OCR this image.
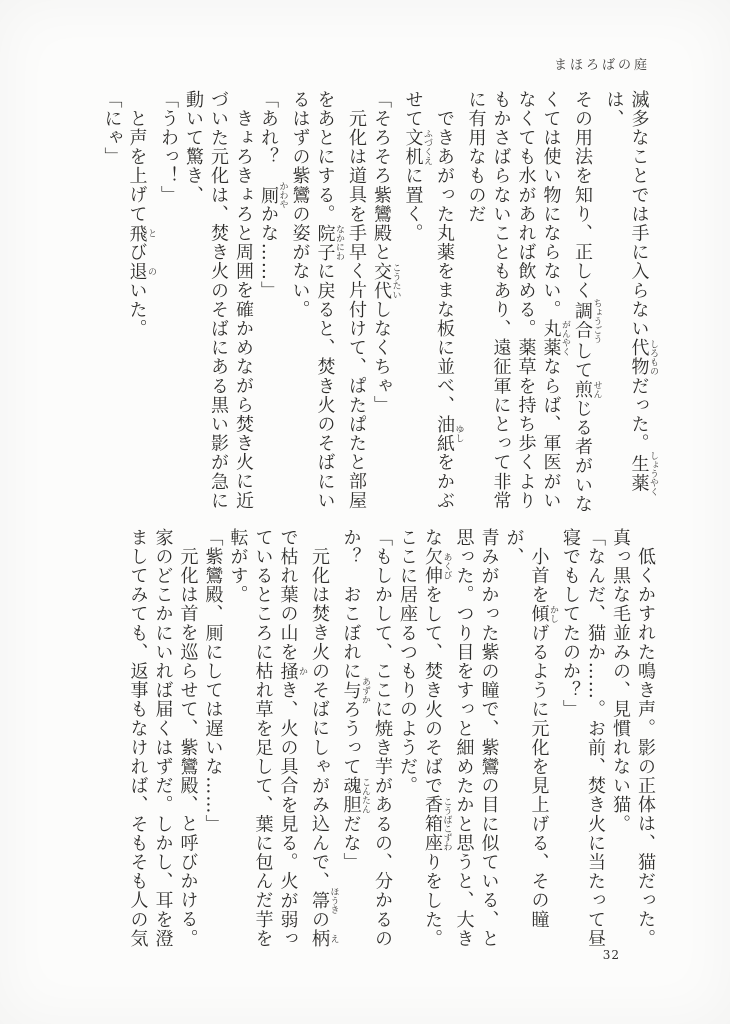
まほろばの庭

滅多なことでは手に入らない代物しろものだった。生薬しょうやくは、

その用法を知り、正しく調合ちょうごうして煎せんじる者がいな

くては使い物にならない。丸薬がんやくならば、軍医がい

なくても水があれば飲める。薬草を持ち歩くより

もかさばらないこともあり、遠征軍にとって非常

に有用なものだ

できあがった丸薬をまな板に並べ、油紙ゆしをかぶ

せて文机ふづくえに置く。

「そろそろ紫鸞殿と交代こうたいしなくちゃ」

元化は道具を手早く片付けて、ぱたぱたと部屋

をあとにする。院子なかにわに戻ると、焚き火のそばにい

るはずの紫鸞の姿がない。

「あれ？　厠かわやかな……」

きょろきょろと周囲を確かめながら焚き火に近

づいた元化は、焚き火のそばにある黒い影が急に

動いて驚き、

「うわっ！」

と声を上げて飛とび退のいた。

「にゃ」

低くかすれた鳴き声。影の正体は、猫だった。

真っ黒な毛並みの、見慣れない猫。

「なんだ、猫か……。お前、焚き火に当たって昼

寝でもしてたのか？」

小首を傾かしげるように元化を見上げる、その瞳が、

青みがかった紫の瞳で、紫鸞の目に似ている、と

思った。つり目をすっと細めたかと思うと、大き

な欠伸あくびをして、焚き火のそばで香箱座こうばこずわりをした。

ここに居座るつもりのようだ。

「もしかして、ここに焼き芋があるの、分かるの

か？　おこぼれに与あずかろうって魂胆こんたんだな」

元化は焚き火のそばにしゃがみ込んで、箒ほうきの柄え

で枯れ葉の山を掻かき、火の具合を見る。火が弱っ

ているところに枯れ草を足して、葉に包んだ芋を

転がす。

「紫鸞殿、厠にしては遅いな……」

元化は首を巡らせて、紫鸞殿、と呼びかける。

家のどこかにいれば届くはずだ。しかし、耳を澄

ましてみても、返事もなければ、そもそも人の気

32
